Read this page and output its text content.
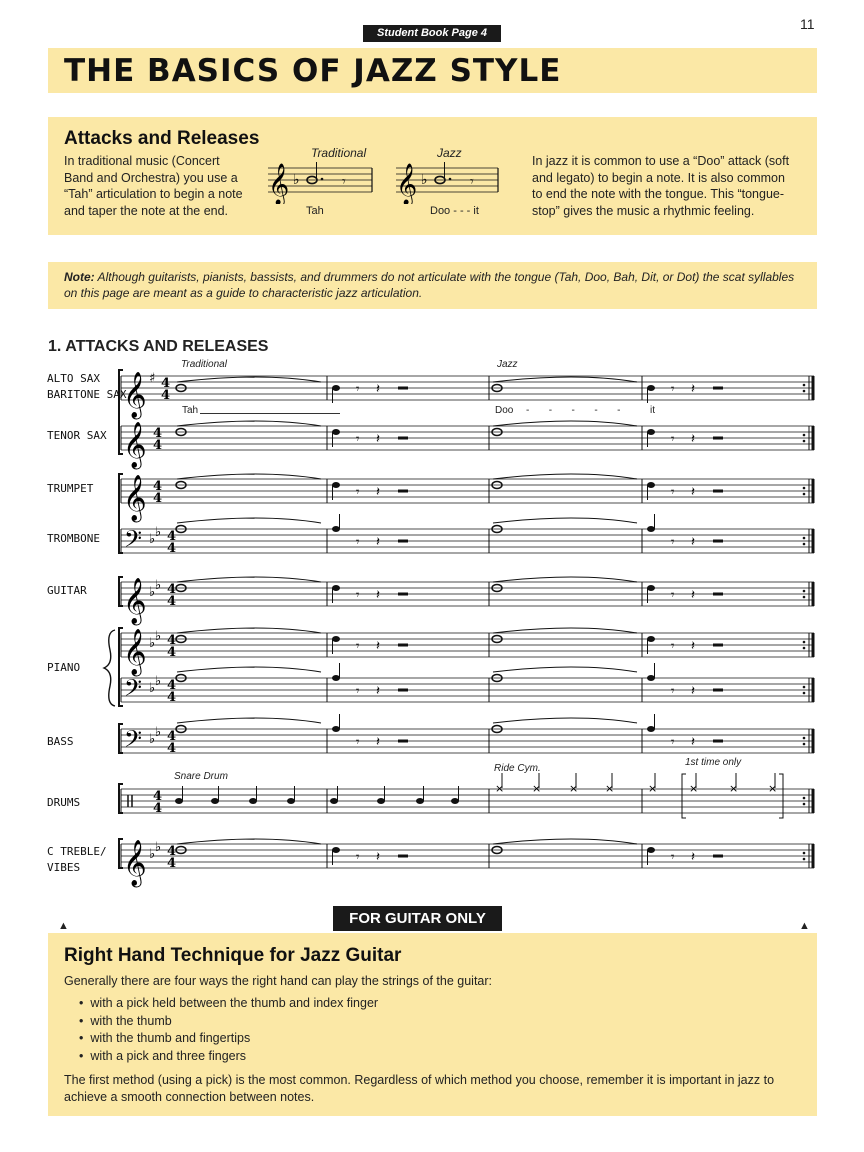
11
Student Book Page 4
THE BASICS OF JAZZ STYLE
Attacks and Releases
In traditional music (Concert
Band and Orchestra) you use a
“Tah” articulation to begin a note
and taper the note at the end.
In jazz it is common to use a “Doo” attack (soft
and legato) to begin a note. It is also common
to end the note with the tongue. This “tongue-
stop” gives the music a rhythmic feeling.
Traditional
Tah
Jazz
Doo - - - it
𝄞 ♭	𝄾 𝄞 ♭	𝄾
Note: Although guitarists, pianists, bassists, and drummers do not articulate with the tongue (Tah, Doo, Bah, Dit, or Dot) the scat syllables on this page are meant as a guide to characteristic jazz articulation.
1. ATTACKS AND RELEASES
Traditional	Jazz
Tah	Doo -       -       -       -       -	it
Snare Drum
Ride Cym.
1st time only
ALTO SAX
BARITONE SAX
TENOR SAX
TRUMPET
TROMBONE
GUITAR
PIANO
BASS
DRUMS
C TREBLE/
VIBES
𝄞 ♯ 4
4	𝄾 𝄽	𝄾 𝄽
𝄞 4
4	𝄾 𝄽	𝄾 𝄽
𝄞 4
4	𝄾 𝄽	𝄾 𝄽
𝄢 ♭ ♭ 4
4	𝄾 𝄽	𝄾 𝄽
𝄞 ♭ ♭ 4
4	𝄾 𝄽	𝄾 𝄽
𝄞 ♭ ♭ 4
4	𝄾 𝄽	𝄾 𝄽
𝄢 ♭ ♭ 4
4	𝄾 𝄽	𝄾 𝄽
𝄢 ♭ ♭ 4
4	𝄾 𝄽	𝄾 𝄽
4
4
×	×	× ×	×	×	×	×
𝄞 ♭ ♭ 4
4	𝄾 𝄽	𝄾 𝄽
▲	▲
FOR GUITAR ONLY
Right Hand Technique for Jazz Guitar
Generally there are four ways the right hand can play the strings of the guitar:
• with a pick held between the thumb and index finger
• with the thumb
• with the thumb and fingertips
• with a pick and three fingers
The first method (using a pick) is the most common. Regardless of which method you choose, remember it is important in jazz to
achieve a smooth connection between notes.
